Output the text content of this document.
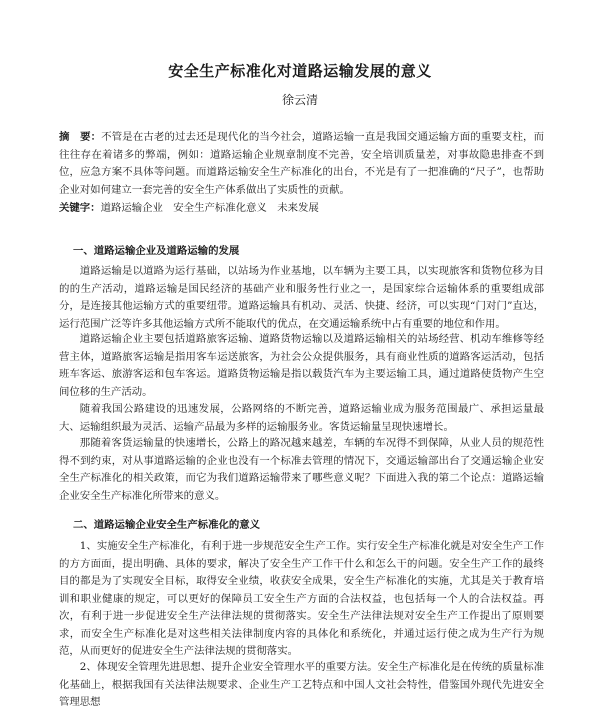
安全生产标准化对道路运输发展的意义
徐云清

摘　要：不管是在古老的过去还是现代化的当今社会，道路运输一直是我国交通运输方面的重要支柱，而往往存在着诸多的弊端，例如：道路运输企业规章制度不完善，安全培训质量差，对事故隐患排查不到位，应急方案不具体等问题。而道路运输安全生产标准化的出台，不光是有了一把准确的“尺子”，也帮助企业对如何建立一套完善的安全生产体系做出了实质性的贡献。

关键字：道路运输企业　安全生产标准化意义　未来发展

一、道路运输企业及道路运输的发展

道路运输是以道路为运行基础，以站场为作业基地，以车辆为主要工具，以实现旅客和货物位移为目的的生产活动，道路运输是国民经济的基础产业和服务性行业之一，是国家综合运输体系的重要组成部分，是连接其他运输方式的重要纽带。道路运输具有机动、灵活、快捷、经济，可以实现“门对门”直达，运行范围广泛等许多其他运输方式所不能取代的优点，在交通运输系统中占有重要的地位和作用。

道路运输企业主要包括道路旅客运输、道路货物运输以及道路运输相关的站场经营、机动车维修等经营主体，道路旅客运输是指用客车运送旅客，为社会公众提供服务，具有商业性质的道路客运活动，包括班车客运、旅游客运和包车客运。道路货物运输是指以载货汽车为主要运输工具，通过道路使货物产生空间位移的生产活动。

随着我国公路建设的迅速发展，公路网络的不断完善，道路运输业成为服务范围最广、承担运量最大、运输组织最为灵活、运输产品最为多样的运输服务业。客货运输量呈现快速增长。

那随着客货运输量的快速增长，公路上的路况越来越差，车辆的车况得不到保障，从业人员的规范性得不到约束，对从事道路运输的企业也没有一个标准去管理的情况下，交通运输部出台了交通运输企业安全生产标准化的相关政策，而它为我们道路运输带来了哪些意义呢？下面进入我的第二个论点：道路运输企业安全生产标准化所带来的意义。

二、道路运输企业安全生产标准化的意义

1、实施安全生产标准化，有利于进一步规范安全生产工作。实行安全生产标准化就是对安全生产工作的方方面面，提出明确、具体的要求，解决了安全生产工作干什么和怎么干的问题。安全生产工作的最终目的都是为了实现安全目标，取得安全业绩，收获安全成果，安全生产标准化的实施，尤其是关于教育培训和职业健康的规定，可以更好的保障员工安全生产方面的合法权益，也包括每一个人的合法权益。再次，有利于进一步促进安全生产法律法规的贯彻落实。安全生产法律法规对安全生产工作提出了原则要求，而安全生产标准化是对这些相关法律制度内容的具体化和系统化，并通过运行使之成为生产行为规范，从而更好的促进安全生产法律法规的贯彻落实。

2、体现安全管理先进思想、提升企业安全管理水平的重要方法。安全生产标准化是在传统的质量标准化基础上，根据我国有关法律法规要求、企业生产工艺特点和中国人文社会特性，借鉴国外现代先进安全管理思想
